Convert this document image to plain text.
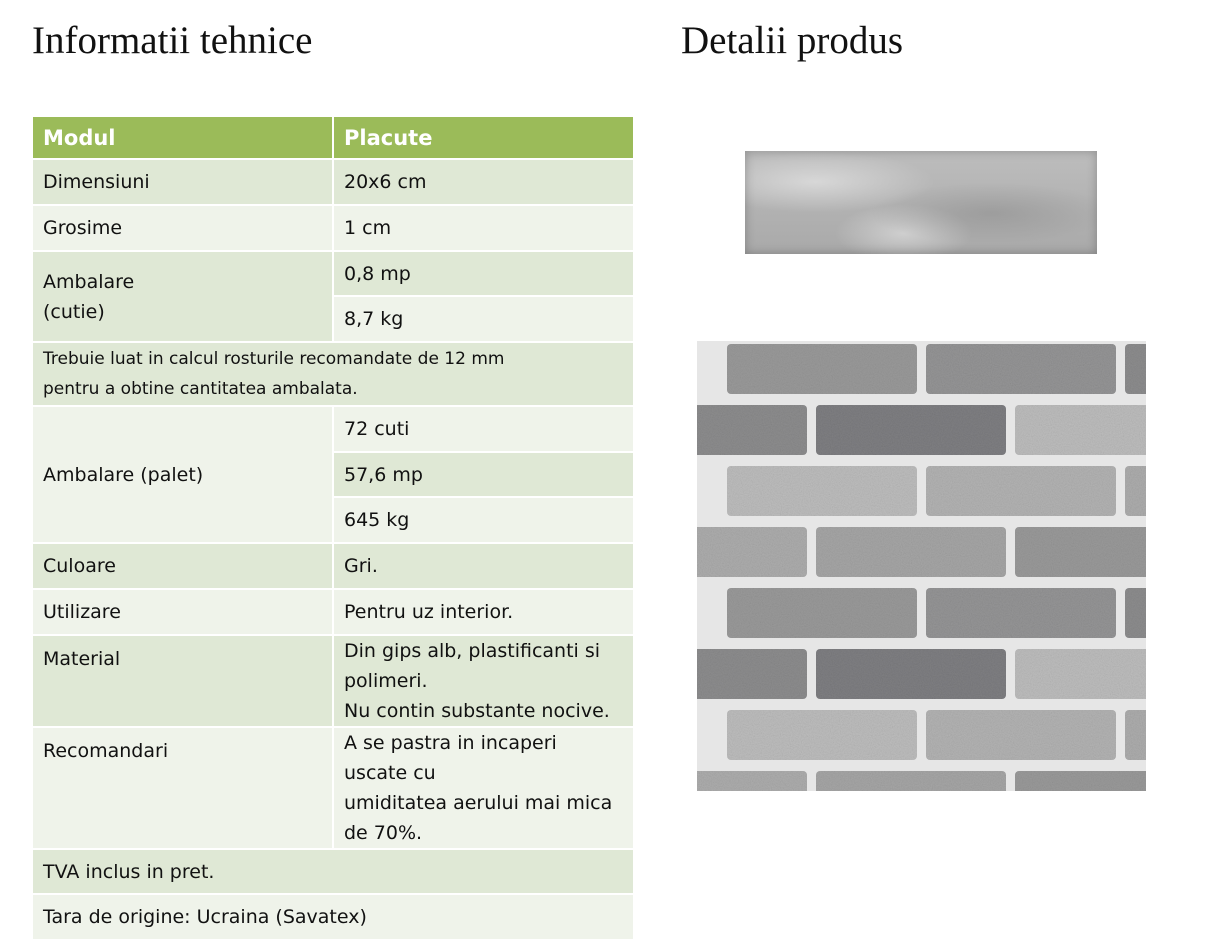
Informatii tehnice	Detalii produs
Modul	Placute
Dimensiuni	20x6 cm
Grosime	1 cm

Ambalare
(cutie)	0,8 mp
	8,7 kg

Trebuie luat in calcul rosturile recomandate de 12 mm
pentru a obtine cantitatea ambalata.	

Ambalare (palet)	72 cuti
	57,6 mp
	645 kg
Culoare	Gri.
Utilizare	Pentru uz interior.
Material	Din gips alb, plastificanti si polimeri.
Nu contin substante nocive.

Recomandari	A se pastra in incaperi uscate cu
umiditatea aerului mai mica de 70%.

TVA inclus in pret.	
Tara de origine: Ucraina (Savatex)	
